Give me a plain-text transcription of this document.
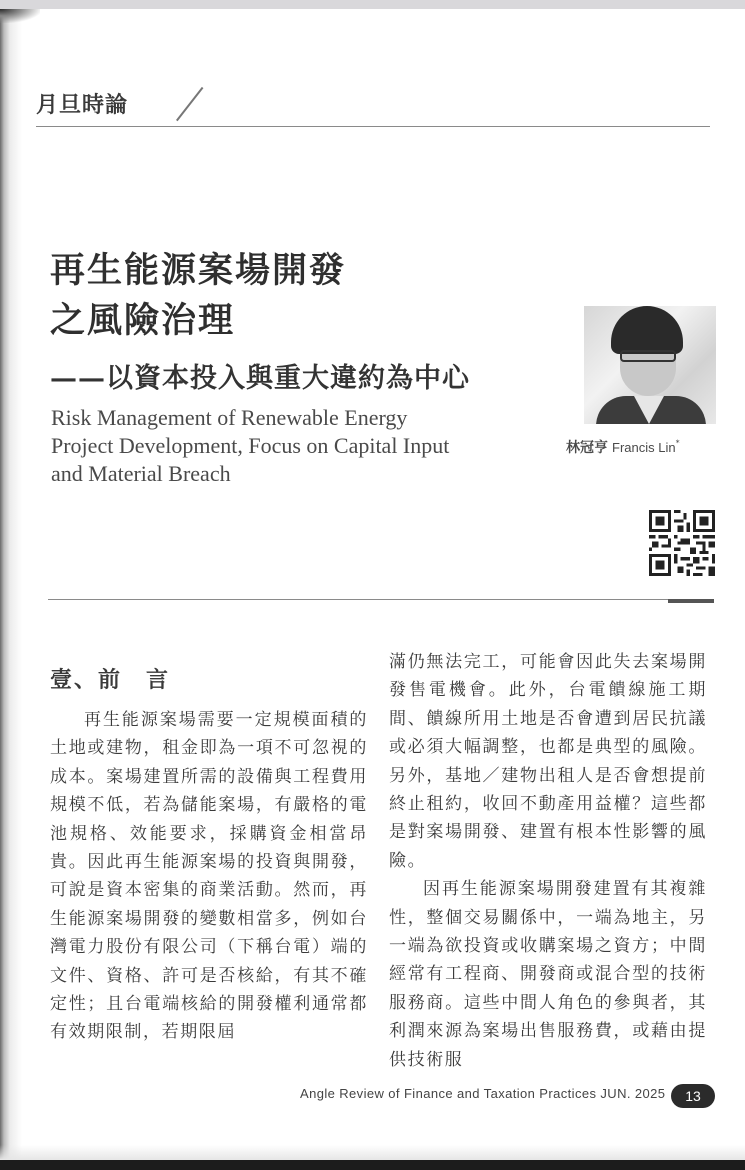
月旦時論
再生能源案場開發
之風險治理
——以資本投入與重大違約為中心
Risk Management of Renewable Energy Project Development, Focus on Capital Input and Material Breach
林冠亨 Francis Lin*
壹、前　言

再生能源案場需要一定規模面積的土地或建物，租金即為一項不可忽視的成本。案場建置所需的設備與工程費用規模不低，若為儲能案場，有嚴格的電池規格、效能要求，採購資金相當昂貴。因此再生能源案場的投資與開發，可說是資本密集的商業活動。然而，再生能源案場開發的變數相當多，例如台灣電力股份有限公司（下稱台電）端的文件、資格、許可是否核給，有其不確定性；且台電端核給的開發權利通常都有效期限制，若期限屆

滿仍無法完工，可能會因此失去案場開發售電機會。此外，台電饋線施工期間、饋線所用土地是否會遭到居民抗議或必須大幅調整，也都是典型的風險。另外，基地／建物出租人是否會想提前終止租約，收回不動產用益權？這些都是對案場開發、建置有根本性影響的風險。

因再生能源案場開發建置有其複雜性，整個交易關係中，一端為地主，另一端為欲投資或收購案場之資方；中間經常有工程商、開發商或混合型的技術服務商。這些中間人角色的參與者，其利潤來源為案場出售服務費，或藉由提供技術服

Angle Review of Finance and Taxation Practices JUN. 2025	13
